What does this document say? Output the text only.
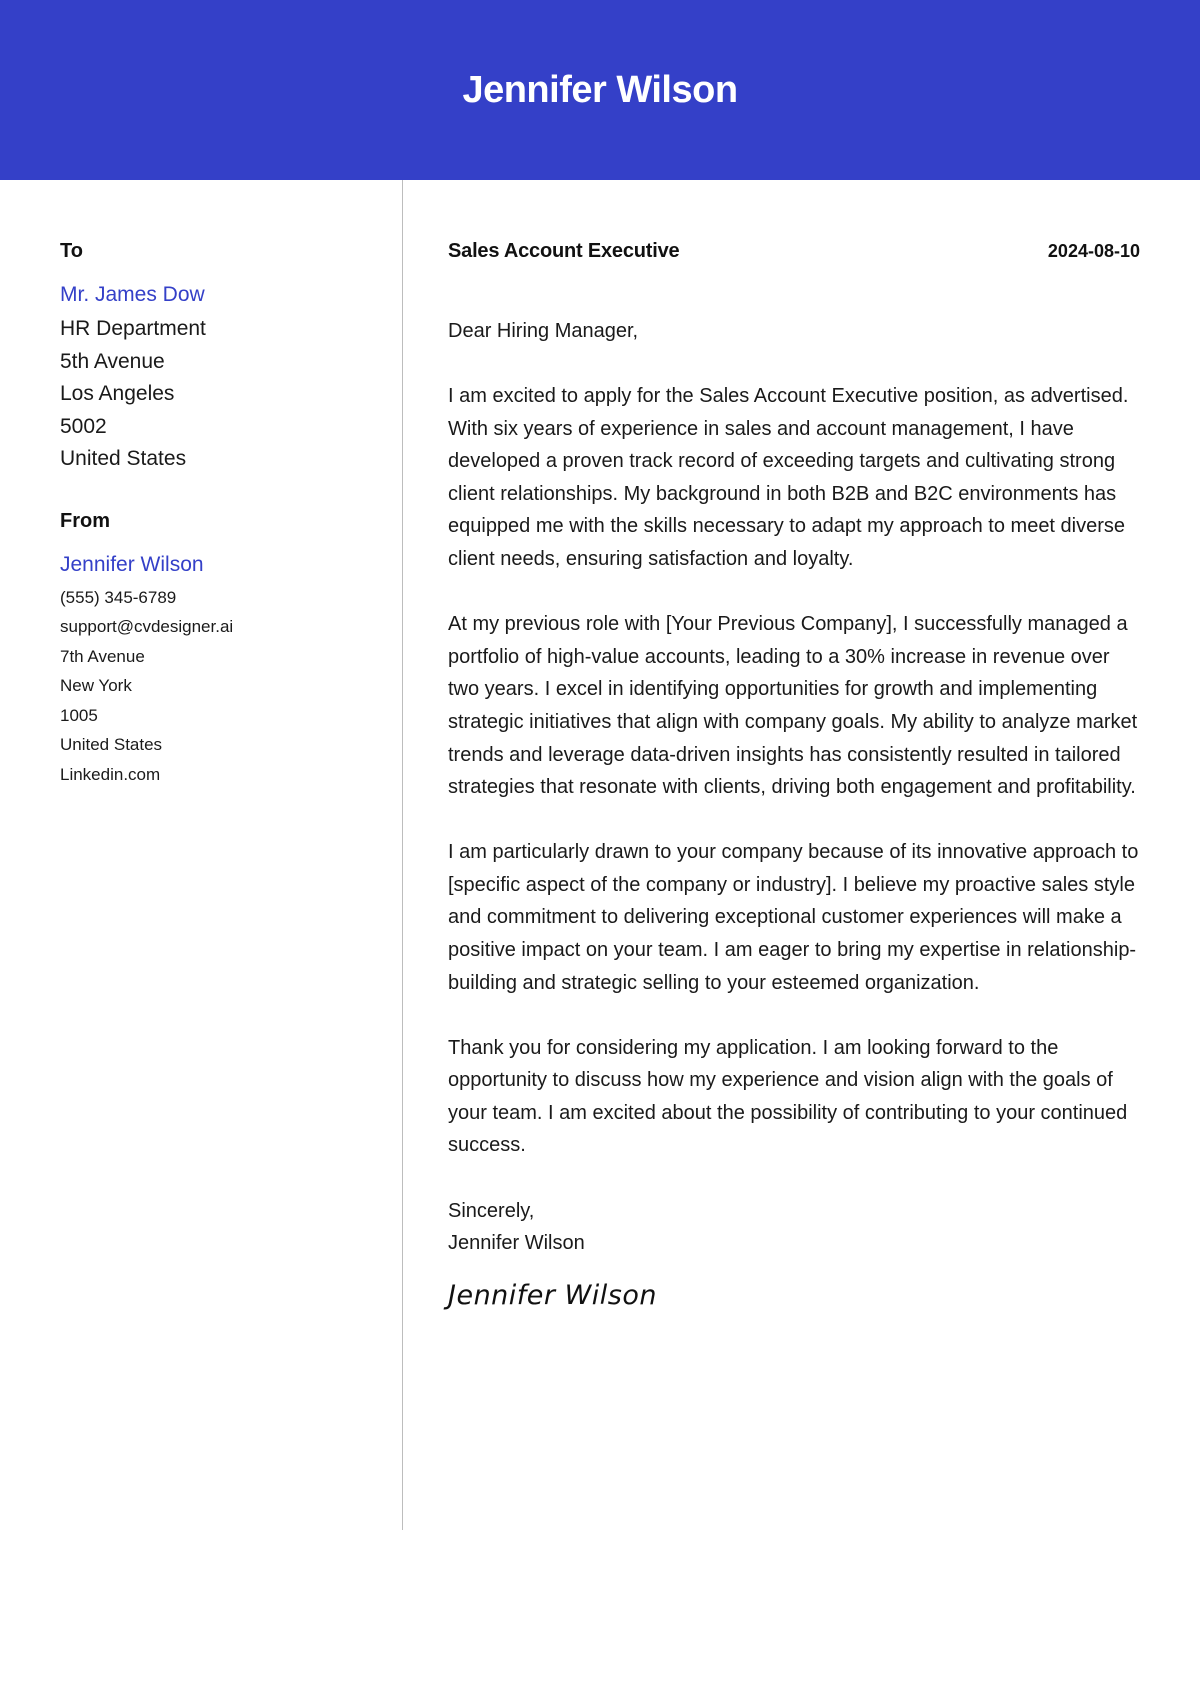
Jennifer Wilson
To
Mr. James Dow
HR Department
5th Avenue
Los Angeles
5002
United States
From
Jennifer Wilson
(555) 345-6789
support@cvdesigner.ai
7th Avenue
New York
1005
United States
Linkedin.com
Sales Account Executive	2024-08-10

Dear Hiring Manager,

I am excited to apply for the Sales Account Executive position, as advertised. With six years of experience in sales and account management, I have developed a proven track record of exceeding targets and cultivating strong client relationships. My background in both B2B and B2C environments has equipped me with the skills necessary to adapt my approach to meet diverse client needs, ensuring satisfaction and loyalty.

At my previous role with [Your Previous Company], I successfully managed a portfolio of high-value accounts, leading to a 30% increase in revenue over two years. I excel in identifying opportunities for growth and implementing strategic initiatives that align with company goals. My ability to analyze market trends and leverage data-driven insights has consistently resulted in tailored strategies that resonate with clients, driving both engagement and profitability.

I am particularly drawn to your company because of its innovative approach to [specific aspect of the company or industry]. I believe my proactive sales style and commitment to delivering exceptional customer experiences will make a positive impact on your team. I am eager to bring my expertise in relationship-building and strategic selling to your esteemed organization.

Thank you for considering my application. I am looking forward to the opportunity to discuss how my experience and vision align with the goals of your team. I am excited about the possibility of contributing to your continued success.

Sincerely,
Jennifer Wilson
Jennifer Wilson
